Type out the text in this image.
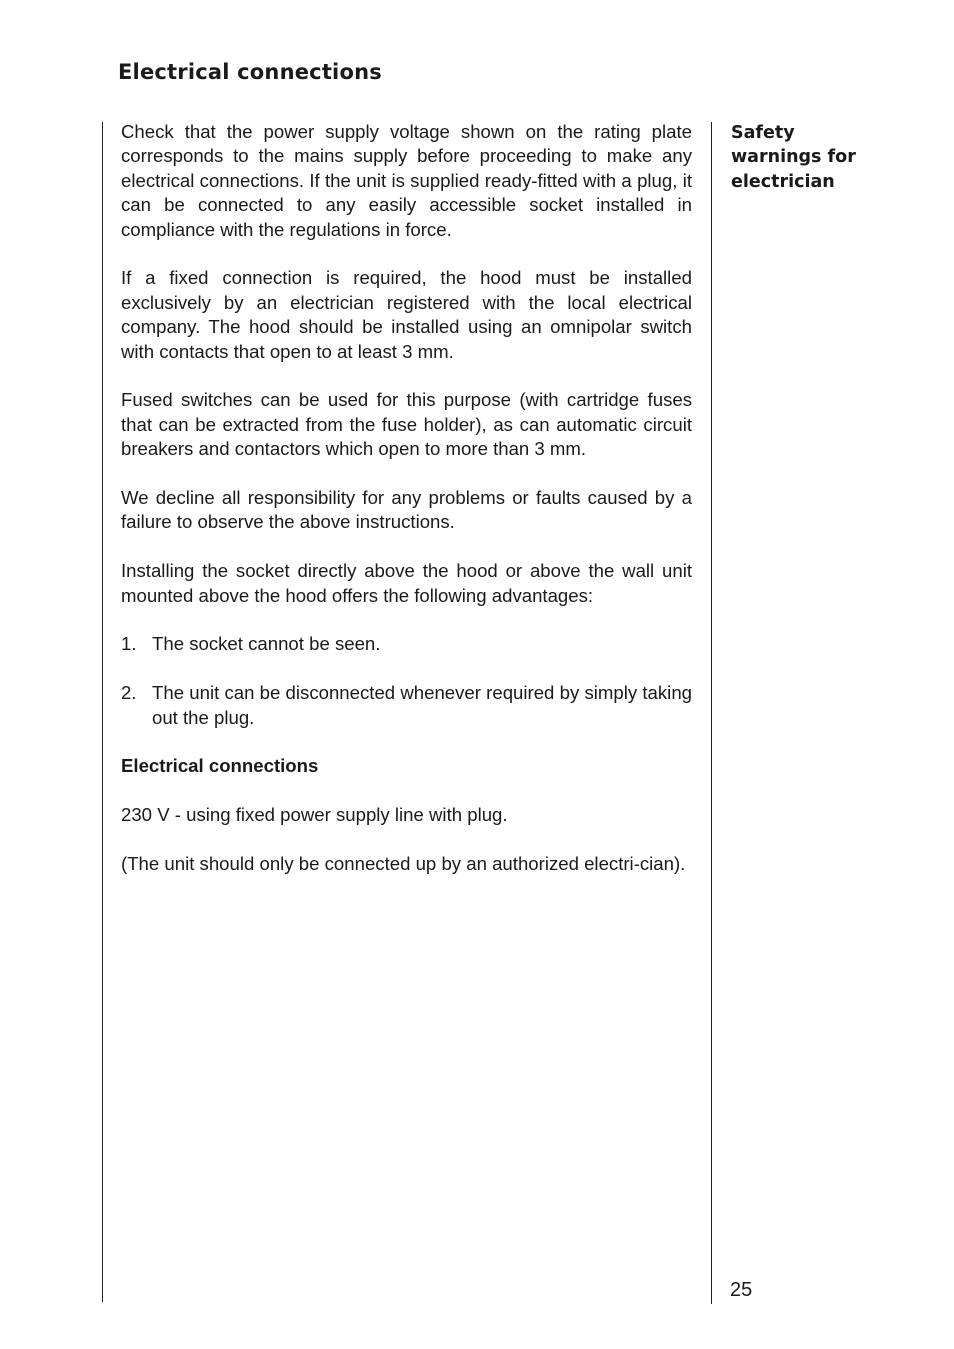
Electrical connections

Check that the power supply voltage shown on the rating plate corresponds to the mains supply before proceeding to make any electrical connections. If the unit is supplied ready-fitted with a plug, it can be connected to any easily accessible socket installed in compliance with the regulations in force.

If a fixed connection is required, the hood must be installed exclusively by an electrician registered with the local electrical company. The hood should be installed using an omnipolar switch with contacts that open to at least 3 mm.

Fused switches can be used for this purpose (with cartridge fuses that can be extracted from the fuse holder), as can automatic circuit breakers and contactors which open to more than 3 mm.

We decline all responsibility for any problems or faults caused by a failure to observe the above instructions.

Installing the socket directly above the hood or above the wall unit mounted above the hood offers the following advantages:

1. The socket cannot be seen.
2. The unit can be disconnected whenever required by simply taking out the plug.

Electrical connections

230 V - using fixed power supply line with plug.

(The unit should only be connected up by an authorized electri-cian).

Safety
warnings for
electrician
25
